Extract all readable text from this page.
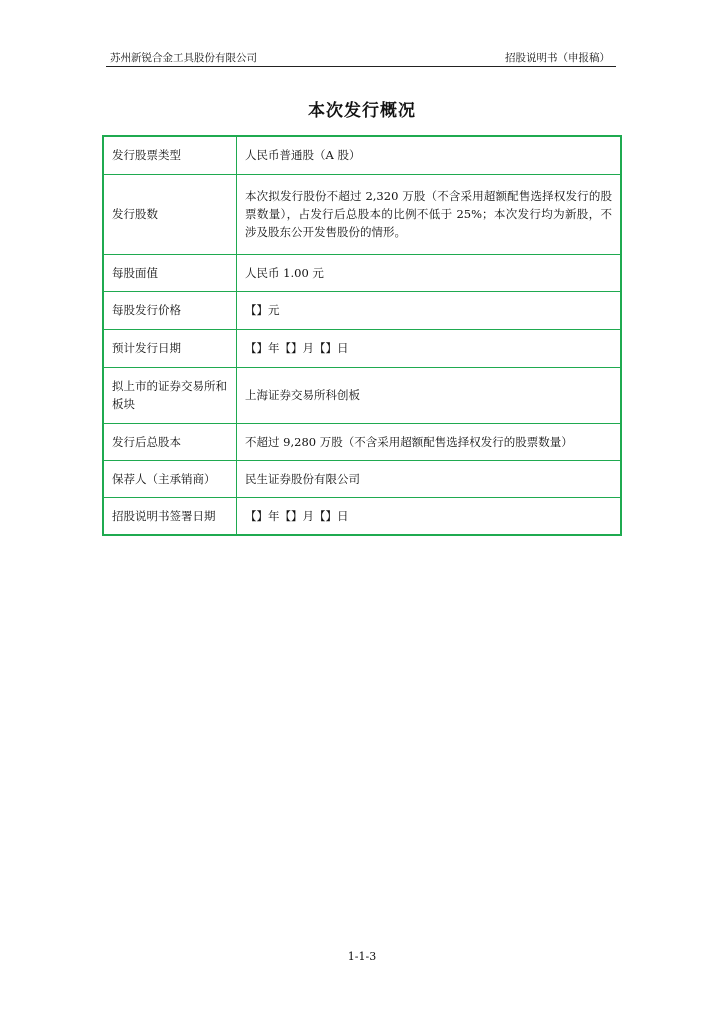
苏州新锐合金工具股份有限公司	招股说明书（申报稿）
本次发行概况
发行股票类型	人民币普通股（A 股）
发行股数	本次拟发行股份不超过 2,320 万股（不含采用超额配售选择权发行的股票数量），占发行后总股本的比例不低于 25%；本次发行均为新股，不涉及股东公开发售股份的情形。
每股面值	人民币 1.00 元
每股发行价格	【】元
预计发行日期	【】年【】月【】日
拟上市的证券交易所和板块	上海证券交易所科创板
发行后总股本	不超过 9,280 万股（不含采用超额配售选择权发行的股票数量）
保荐人（主承销商）	民生证券股份有限公司
招股说明书签署日期	【】年【】月【】日
1-1-3
